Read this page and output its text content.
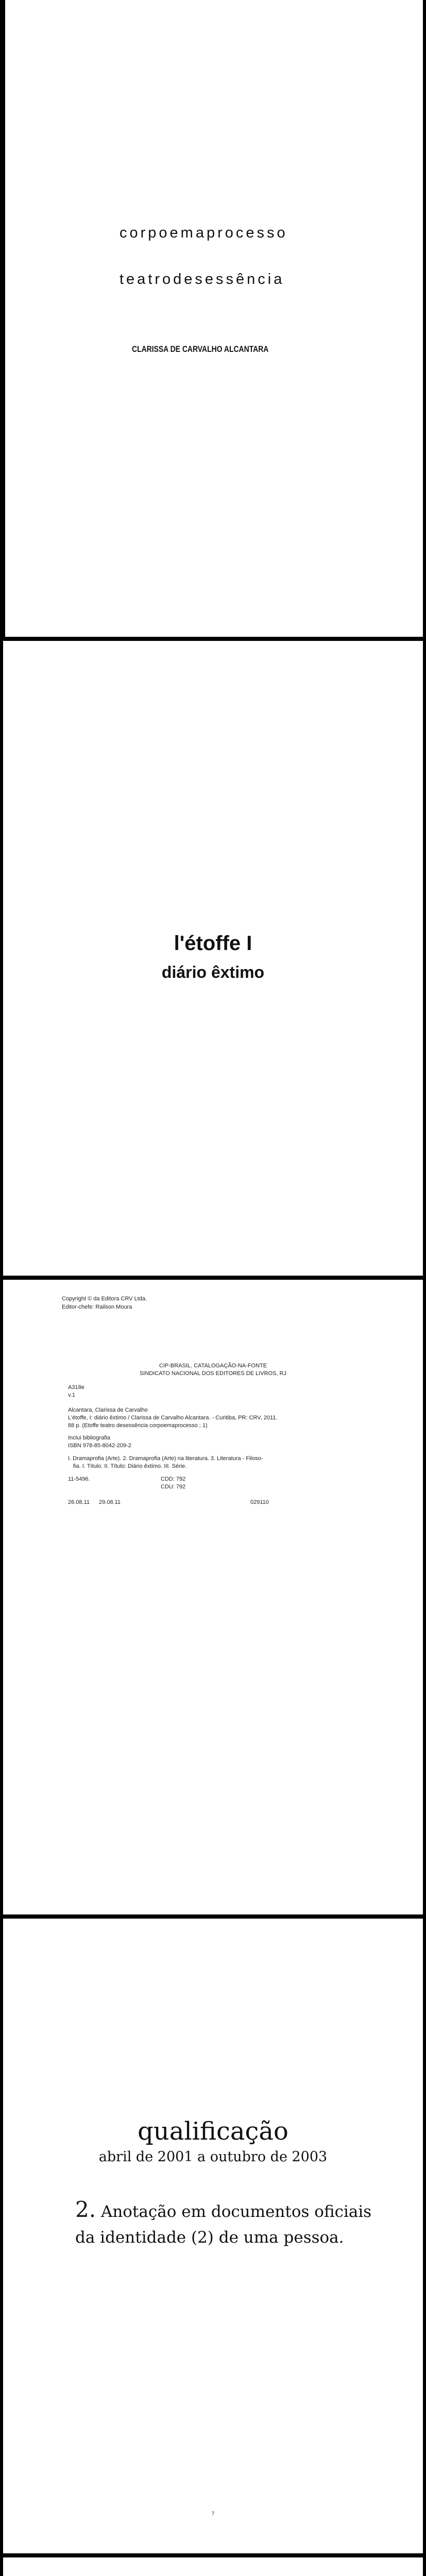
corpoemaprocesso
teatrodesessência
CLARISSA DE CARVALHO ALCANTARA
l'étoffe I
diário êxtimo
Copyright © da Editora CRV Ltda.
Editor-chefe: Railson Moura
CIP-BRASIL. CATALOGAÇÃO-NA-FONTE
SINDICATO NACIONAL DOS EDITORES DE LIVROS, RJ
A318e
v.1
Alcantara, Clarissa de Carvalho
L'étoffe, I: diário êxtimo / Clarissa de Carvalho Alcantara. - Curitiba, PR: CRV, 2011.
88 p. (Etoffe teatro desessência corpoemaprocesso ; 1)
Inclui bibliografia
ISBN 978-85-8042-209-2
I. Dramaprofia (Arte). 2. Dramaprofia (Arte) na literatura. 3. Literatura - Filoso-
fia. I. Título. II. Título: Diário êxtimo. III. Série.
11-5496.	CDD: 792
CDU: 792
26.08.11 29.08.11	029110
qualificação
abril de 2001 a outubro de 2003
2. Anotação em documentos oficiais
da identidade (2) de uma pessoa.
7
